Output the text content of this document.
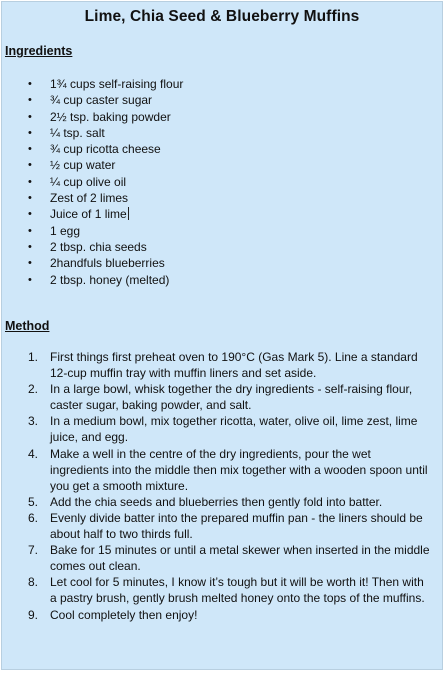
Lime, Chia Seed & Blueberry Muffins
Ingredients
• 1¾ cups self-raising flour
• ¾ cup caster sugar
• 2½ tsp. baking powder
• ¼ tsp. salt
• ¾ cup ricotta cheese
• ½ cup water
• ¼ cup olive oil
• Zest of 2 limes
• Juice of 1 lime
• 1 egg
• 2 tbsp. chia seeds
• 2handfuls blueberries
• 2 tbsp. honey (melted)
Method
1. First things first preheat oven to 190°C (Gas Mark 5). Line a standard 12-cup muffin tray with muffin liners and set aside.
2. In a large bowl, whisk together the dry ingredients - self-raising flour, caster sugar, baking powder, and salt.
3. In a medium bowl, mix together ricotta, water, olive oil, lime zest, lime juice, and egg.
4. Make a well in the centre of the dry ingredients, pour the wet ingredients into the middle then mix together with a wooden spoon until you get a smooth mixture.
5. Add the chia seeds and blueberries then gently fold into batter.
6. Evenly divide batter into the prepared muffin pan - the liners should be about half to two thirds full.
7. Bake for 15 minutes or until a metal skewer when inserted in the middle comes out clean.
8. Let cool for 5 minutes, I know it’s tough but it will be worth it! Then with a pastry brush, gently brush melted honey onto the tops of the muffins.
9. Cool completely then enjoy!
